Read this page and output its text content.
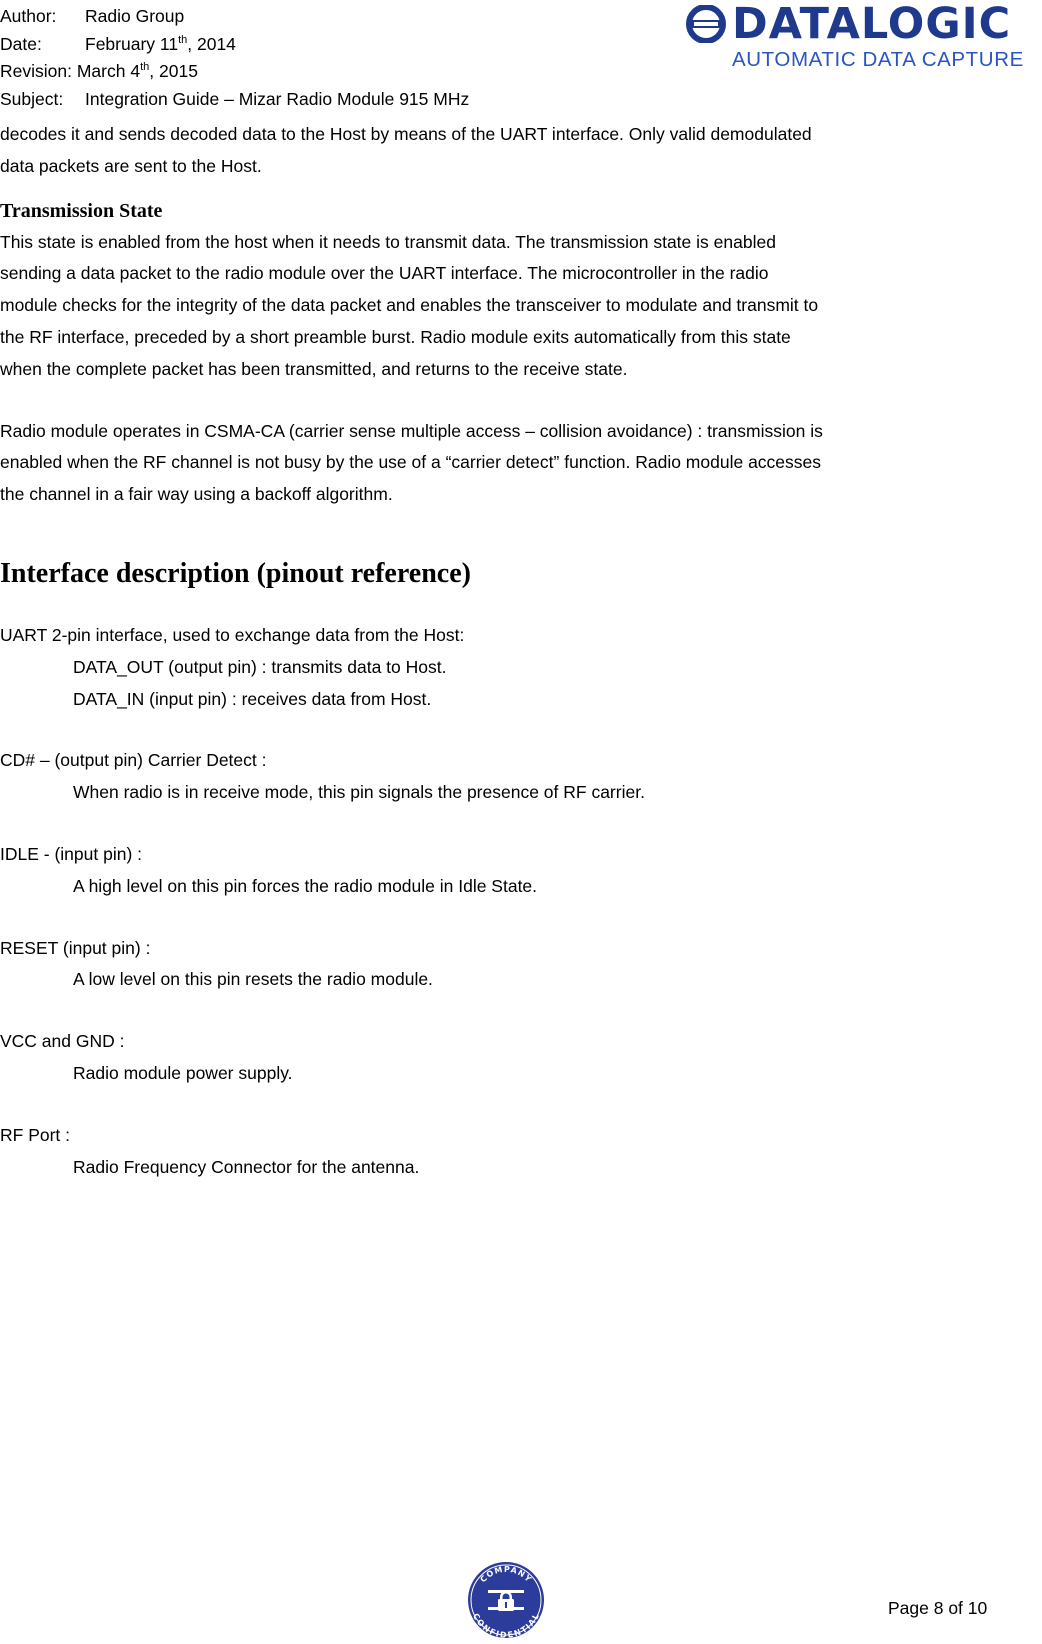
Author: Radio Group
Date: February 11th, 2014
Revision: March 4th, 2015
Subject: Integration Guide – Mizar Radio Module 915 MHz
DATALOGIC
AUTOMATIC DATA CAPTURE

decodes it and sends decoded data to the Host by means of the UART interface. Only valid demodulated

data packets are sent to the Host.

Transmission State

This state is enabled from the host when it needs to transmit data. The transmission state is enabled

sending a data packet to the radio module over the UART interface. The microcontroller in the radio

module checks for the integrity of the data packet and enables the transceiver to modulate and transmit to

the RF interface, preceded by a short preamble burst. Radio module exits automatically from this state

when the complete packet has been transmitted, and returns to the receive state.

Radio module operates in CSMA-CA (carrier sense multiple access – collision avoidance) : transmission is

enabled when the RF channel is not busy by the use of a “carrier detect” function. Radio module accesses

the channel in a fair way using a backoff algorithm.

Interface description (pinout reference)

UART 2-pin interface, used to exchange data from the Host:

DATA_OUT (output pin) : transmits data to Host.

DATA_IN (input pin) : receives data from Host.

CD# – (output pin) Carrier Detect :

When radio is in receive mode, this pin signals the presence of RF carrier.

IDLE - (input pin) :

A high level on this pin forces the radio module in Idle State.

RESET (input pin) :

A low level on this pin resets the radio module.

VCC and GND :

Radio module power supply.

RF Port :

Radio Frequency Connector for the antenna.

COMPANY
CONFIDENTIAL	Page 8 of 10
